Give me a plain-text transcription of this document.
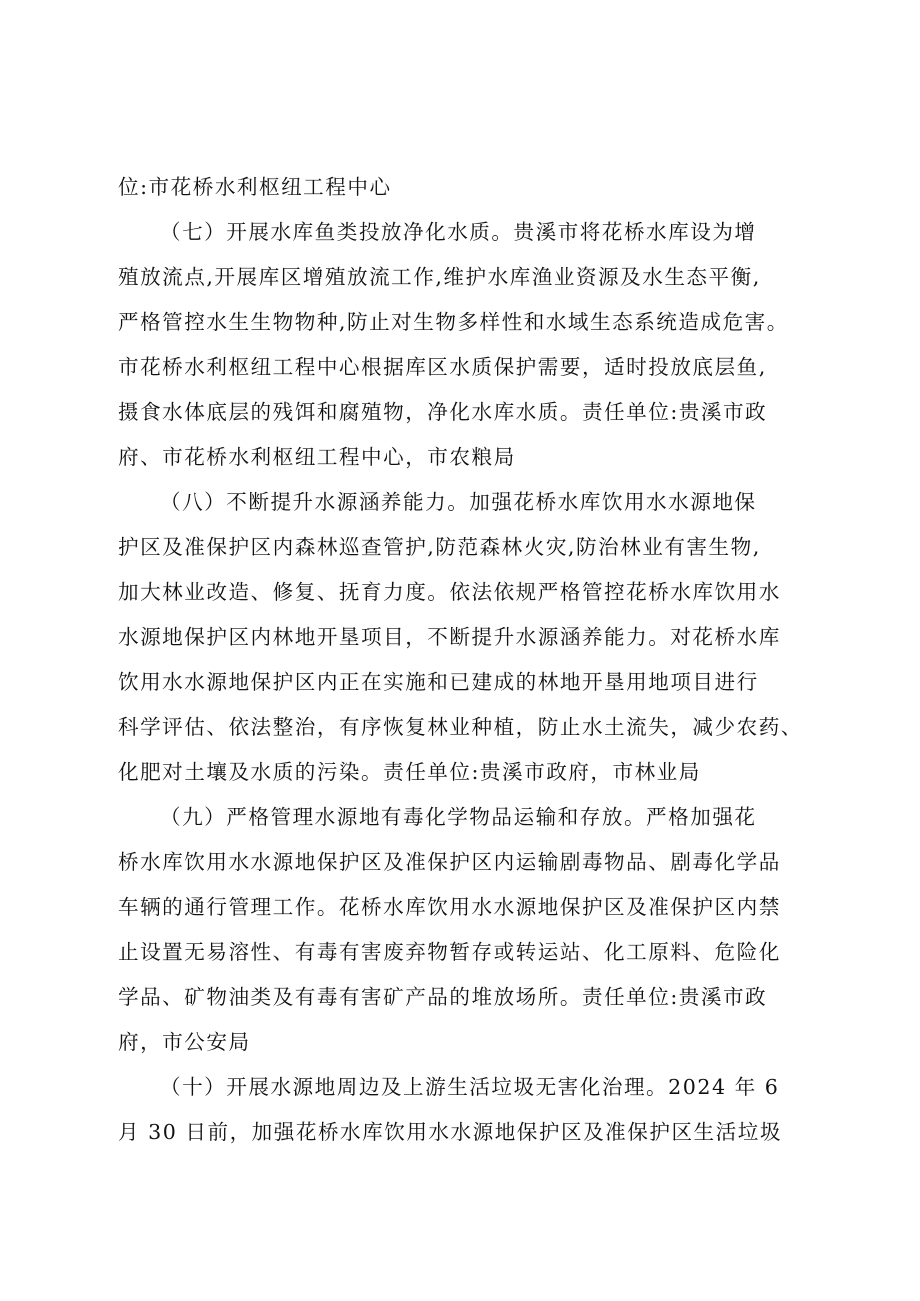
位:市花桥水利枢纽工程中心
（七）开展水库鱼类投放净化水质。贵溪市将花桥水库设为增
殖放流点,开展库区增殖放流工作,维护水库渔业资源及水生态平衡,
严格管控水生生物物种,防止对生物多样性和水域生态系统造成危害。
市花桥水利枢纽工程中心根据库区水质保护需要，适时投放底层鱼,
摄食水体底层的残饵和腐殖物，净化水库水质。责任单位:贵溪市政
府、市花桥水利枢纽工程中心，市农粮局
（八）不断提升水源涵养能力。加强花桥水库饮用水水源地保
护区及准保护区内森林巡查管护,防范森林火灾,防治林业有害生物,
加大林业改造、修复、抚育力度。依法依规严格管控花桥水库饮用水
水源地保护区内林地开垦项目，不断提升水源涵养能力。对花桥水库
饮用水水源地保护区内正在实施和已建成的林地开垦用地项目进行
科学评估、依法整治，有序恢复林业种植，防止水土流失，减少农药、
化肥对土壤及水质的污染。责任单位:贵溪市政府，市林业局
（九）严格管理水源地有毒化学物品运输和存放。严格加强花
桥水库饮用水水源地保护区及准保护区内运输剧毒物品、剧毒化学品
车辆的通行管理工作。花桥水库饮用水水源地保护区及准保护区内禁
止设置无易溶性、有毒有害废弃物暂存或转运站、化工原料、危险化
学品、矿物油类及有毒有害矿产品的堆放场所。责任单位:贵溪市政
府，市公安局
（十）开展水源地周边及上游生活垃圾无害化治理。2024 年 6
月 30 日前，加强花桥水库饮用水水源地保护区及准保护区生活垃圾
